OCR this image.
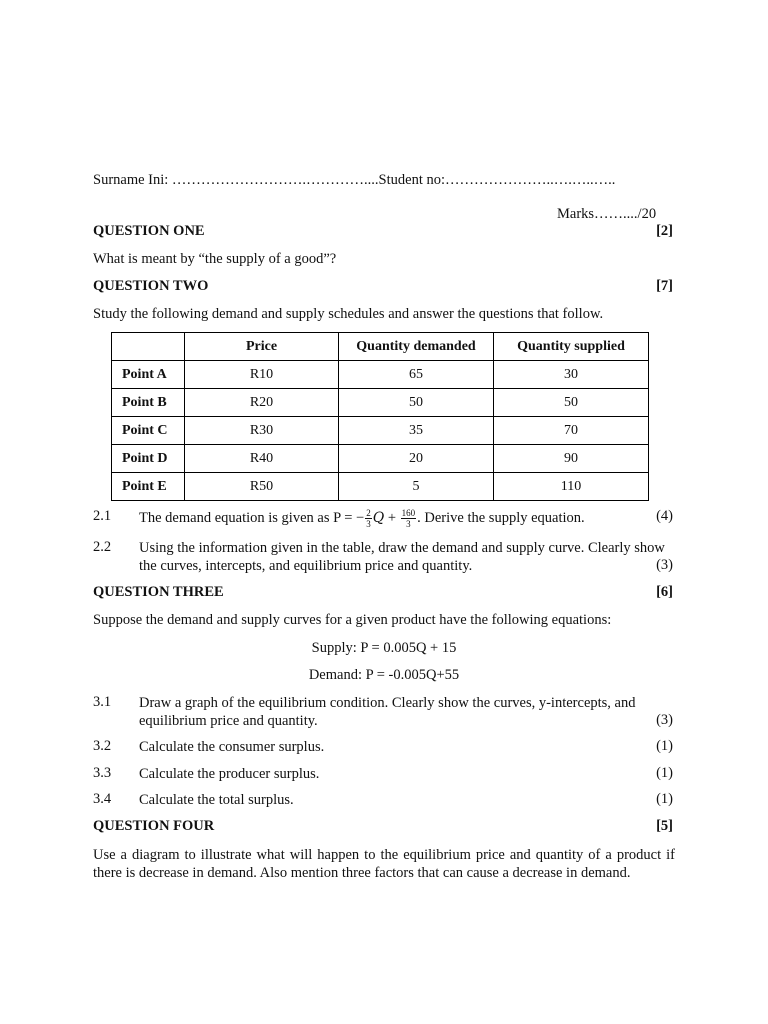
Surname Ini: ……………………….…………....Student no:…………………..….…..…..
Marks……..../20
QUESTION ONE	[2]
What is meant by “the supply of a good”?
QUESTION TWO	[7]
Study the following demand and supply schedules and answer the questions that follow.
	Price	Quantity demanded	Quantity supplied
Point A	R10	65	30
Point B	R20	50	50
Point C	R30	35	70
Point D	R40	20	90
Point E	R50	5	110
2.1 The demand equation is given as P = − $\frac{2}{3}$ $Q + \frac{160}{3}$ . Derive the supply equation.	(4)
2.2 Using the information given in the table, draw the demand and supply curve. Clearly show the curves, intercepts, and equilibrium price and quantity.	(3)
QUESTION THREE	[6]
Suppose the demand and supply curves for a given product have the following equations:
Supply: P = 0.005Q + 15
Demand: P = -0.005Q+55
3.1 Draw a graph of the equilibrium condition. Clearly show the curves, y-intercepts, and equilibrium price and quantity.	(3)
3.2 Calculate the consumer surplus.	(1)
3.3 Calculate the producer surplus.	(1)
3.4 Calculate the total surplus.	(1)
QUESTION FOUR	[5]
Use a diagram to illustrate what will happen to the equilibrium price and quantity of a product if there is decrease in demand. Also mention three factors that can cause a decrease in demand.
